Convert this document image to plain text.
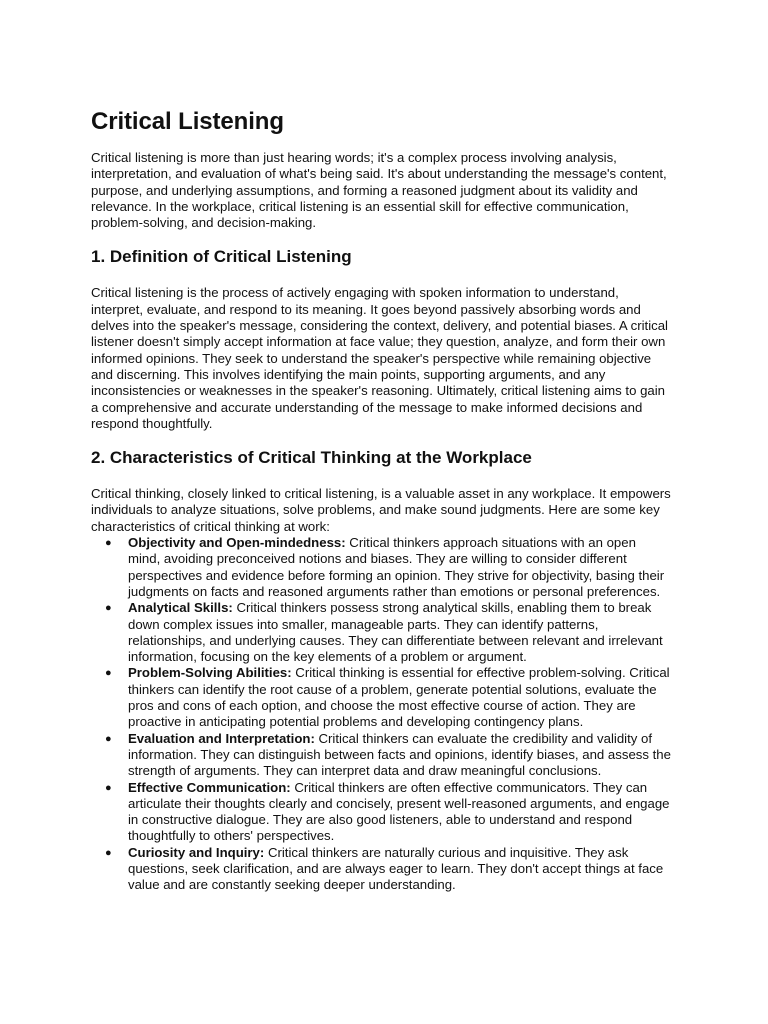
Critical Listening

Critical listening is more than just hearing words; it's a complex process involving analysis, interpretation, and evaluation of what's being said. It's about understanding the message's content, purpose, and underlying assumptions, and forming a reasoned judgment about its validity and relevance. In the workplace, critical listening is an essential skill for effective communication, problem-solving, and decision-making.

1. Definition of Critical Listening

Critical listening is the process of actively engaging with spoken information to understand, interpret, evaluate, and respond to its meaning. It goes beyond passively absorbing words and delves into the speaker's message, considering the context, delivery, and potential biases. A critical listener doesn't simply accept information at face value; they question, analyze, and form their own informed opinions. They seek to understand the speaker's perspective while remaining objective and discerning. This involves identifying the main points, supporting arguments, and any inconsistencies or weaknesses in the speaker's reasoning. Ultimately, critical listening aims to gain a comprehensive and accurate understanding of the message to make informed decisions and respond thoughtfully.

2. Characteristics of Critical Thinking at the Workplace

Critical thinking, closely linked to critical listening, is a valuable asset in any workplace. It empowers individuals to analyze situations, solve problems, and make sound judgments. Here are some key characteristics of critical thinking at work:

● Objectivity and Open-mindedness: Critical thinkers approach situations with an open mind, avoiding preconceived notions and biases. They are willing to consider different perspectives and evidence before forming an opinion. They strive for objectivity, basing their judgments on facts and reasoned arguments rather than emotions or personal preferences.
● Analytical Skills: Critical thinkers possess strong analytical skills, enabling them to break down complex issues into smaller, manageable parts. They can identify patterns, relationships, and underlying causes. They can differentiate between relevant and irrelevant information, focusing on the key elements of a problem or argument.
● Problem-Solving Abilities: Critical thinking is essential for effective problem-solving. Critical thinkers can identify the root cause of a problem, generate potential solutions, evaluate the pros and cons of each option, and choose the most effective course of action. They are proactive in anticipating potential problems and developing contingency plans.
● Evaluation and Interpretation: Critical thinkers can evaluate the credibility and validity of information. They can distinguish between facts and opinions, identify biases, and assess the strength of arguments. They can interpret data and draw meaningful conclusions.
● Effective Communication: Critical thinkers are often effective communicators. They can articulate their thoughts clearly and concisely, present well-reasoned arguments, and engage in constructive dialogue. They are also good listeners, able to understand and respond thoughtfully to others' perspectives.
● Curiosity and Inquiry: Critical thinkers are naturally curious and inquisitive. They ask questions, seek clarification, and are always eager to learn. They don't accept things at face value and are constantly seeking deeper understanding.
